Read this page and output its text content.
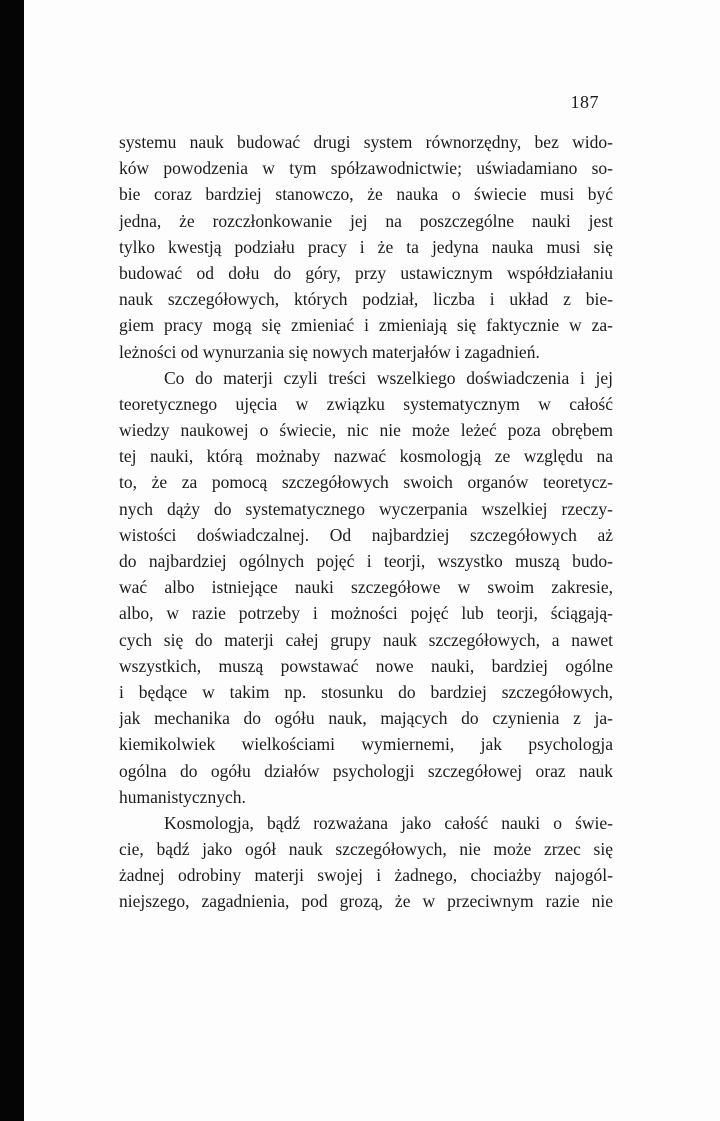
187
systemu nauk budować drugi system równorzędny, bez wido-
ków powodzenia w tym spółzawodnictwie; uświadamiano so-
bie coraz bardziej stanowczo, że nauka o świecie musi być
jedna, że rozczłonkowanie jej na poszczególne nauki jest
tylko kwestją podziału pracy i że ta jedyna nauka musi się
budować od dołu do góry, przy ustawicznym współdziałaniu
nauk szczegółowych, których podział, liczba i układ z bie-
giem pracy mogą się zmieniać i zmieniają się faktycznie w za-
leżności od wynurzania się nowych materjałów i zagadnień.
Co do materji czyli treści wszelkiego doświadczenia i jej
teoretycznego ujęcia w związku systematycznym w całość
wiedzy naukowej o świecie, nic nie może leżeć poza obrębem
tej nauki, którą możnaby nazwać kosmologją ze względu na
to, że za pomocą szczegółowych swoich organów teoretycz-
nych dąży do systematycznego wyczerpania wszelkiej rzeczy-
wistości doświadczalnej. Od najbardziej szczegółowych aż
do najbardziej ogólnych pojęć i teorji, wszystko muszą budo-
wać albo istniejące nauki szczegółowe w swoim zakresie,
albo, w razie potrzeby i możności pojęć lub teorji, ściągają-
cych się do materji całej grupy nauk szczegółowych, a nawet
wszystkich, muszą powstawać nowe nauki, bardziej ogólne
i będące w takim np. stosunku do bardziej szczegółowych,
jak mechanika do ogółu nauk, mających do czynienia z ja-
kiemikolwiek wielkościami wymiernemi, jak psychologja
ogólna do ogółu działów psychologji szczegółowej oraz nauk
humanistycznych.
Kosmologja, bądź rozważana jako całość nauki o świe-
cie, bądź jako ogół nauk szczegółowych, nie może zrzec się
żadnej odrobiny materji swojej i żadnego, chociażby najogól-
niejszego, zagadnienia, pod grozą, że w przeciwnym razie nie
